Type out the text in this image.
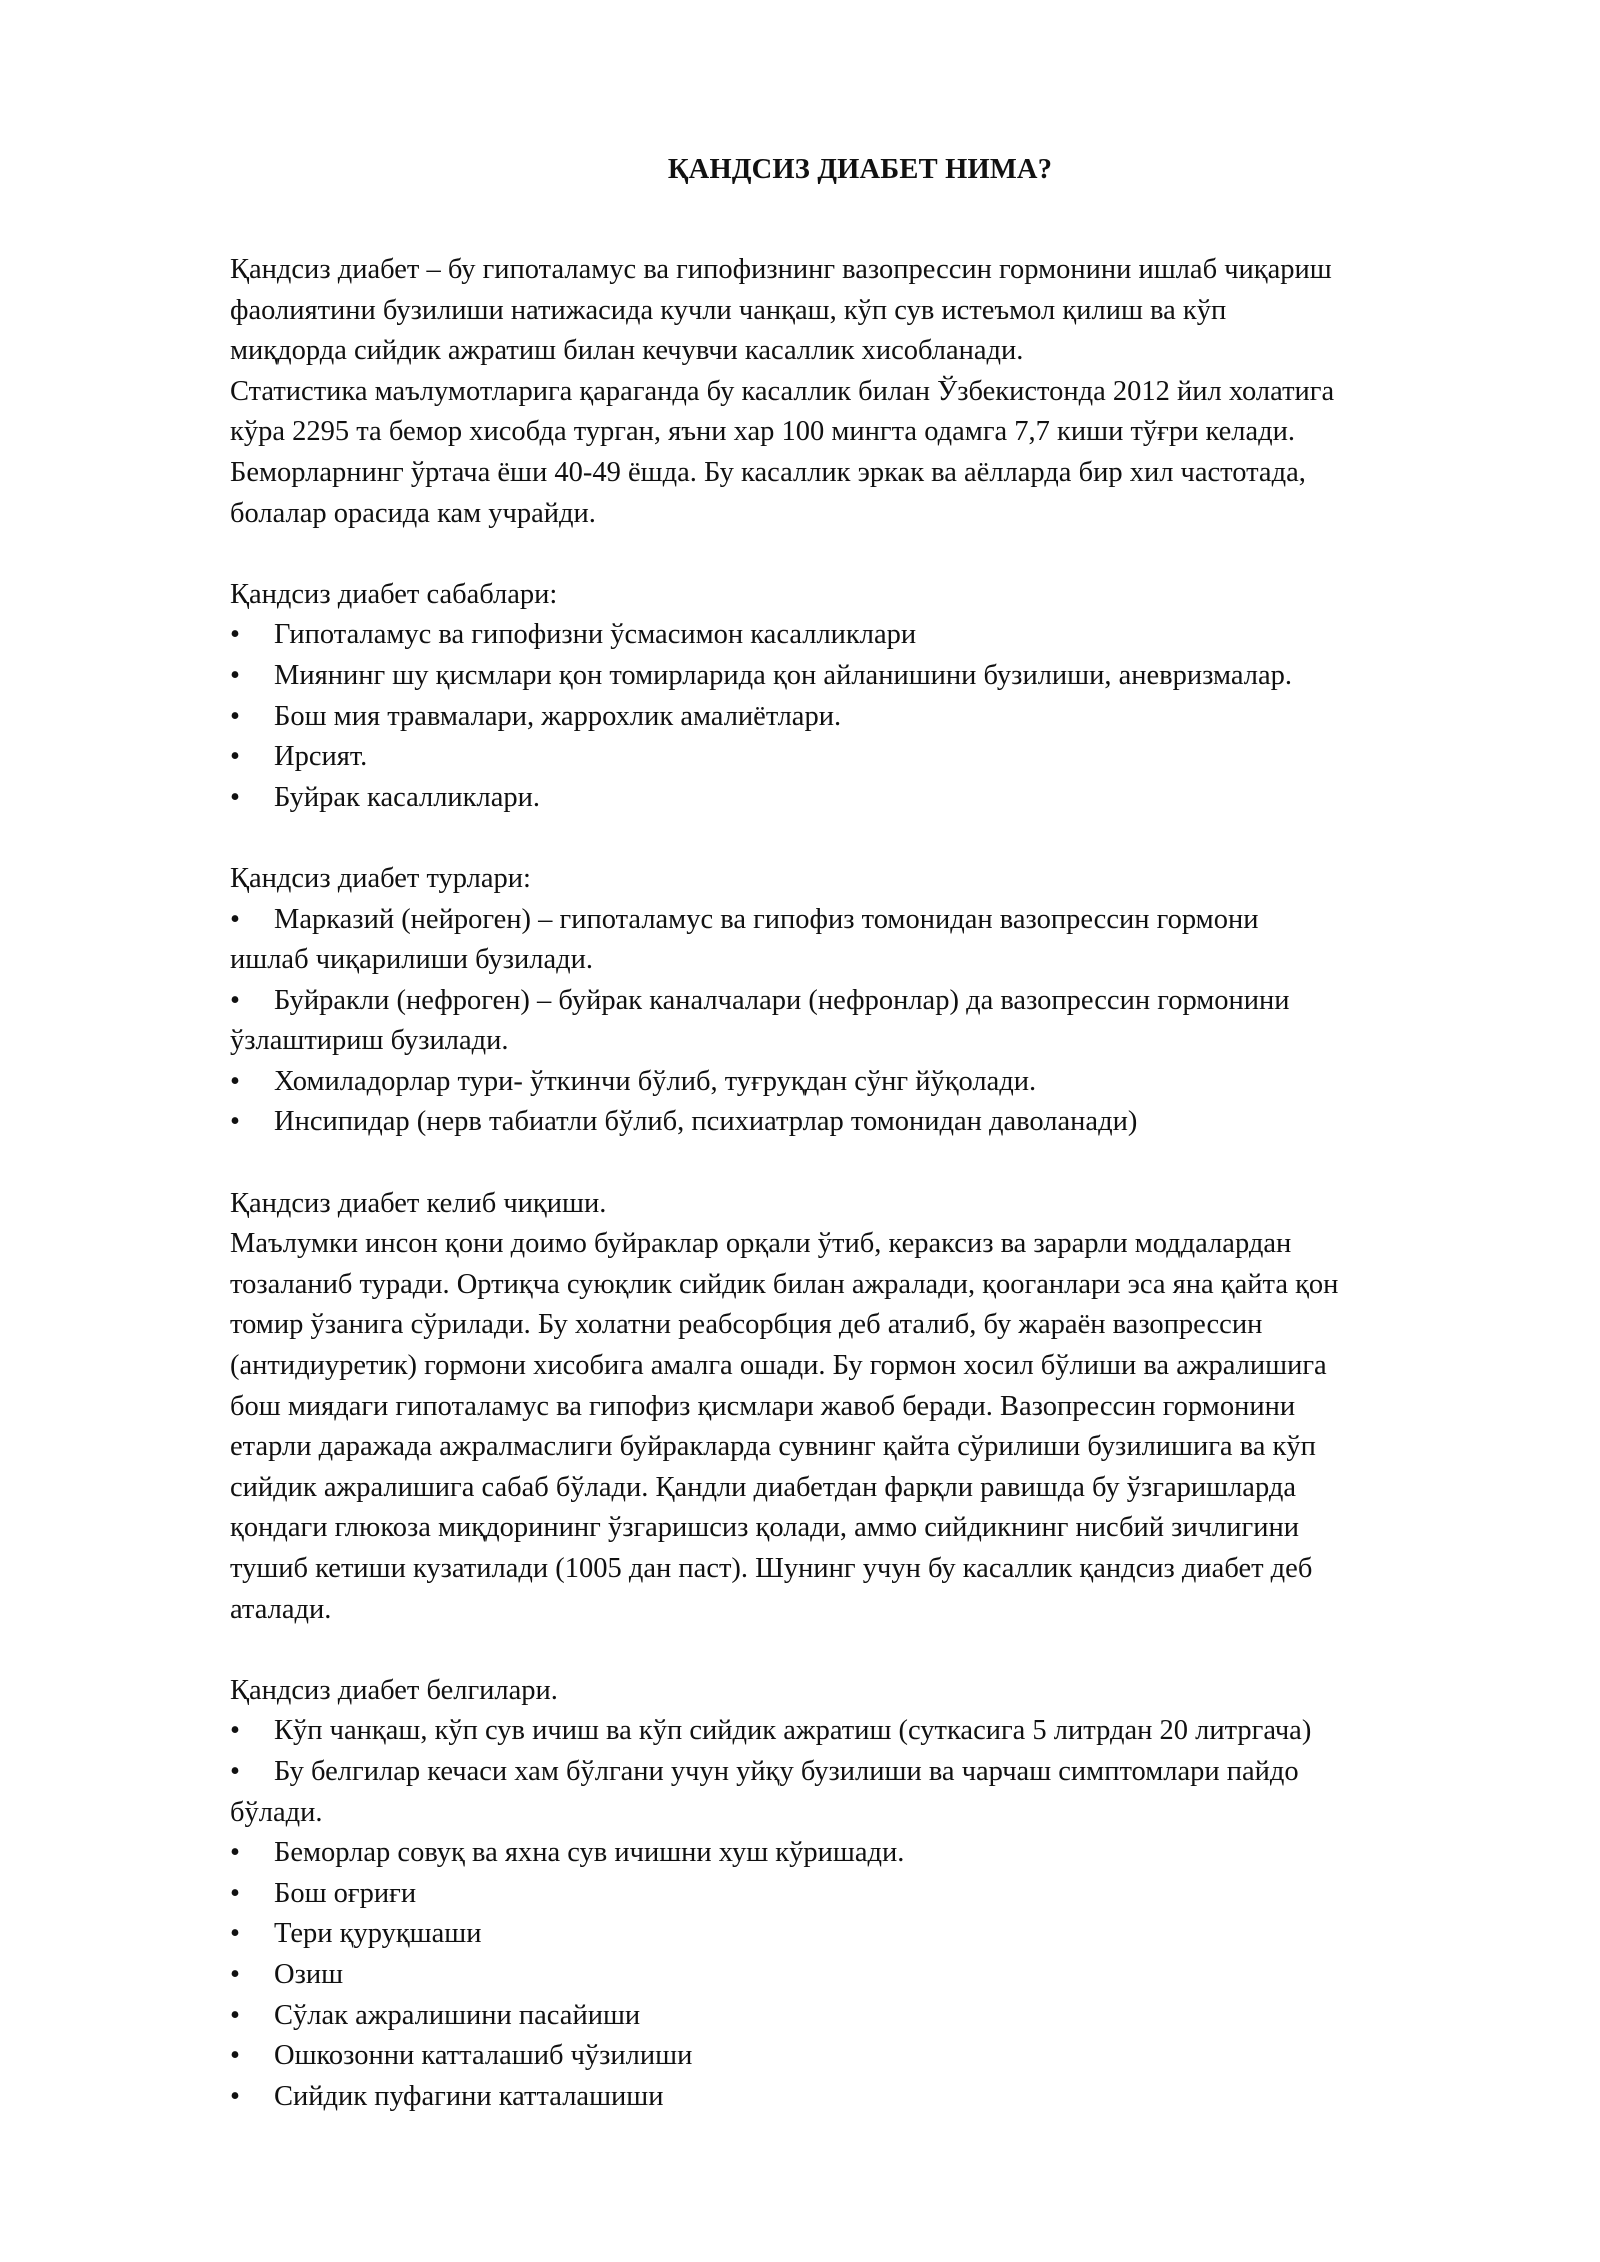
ҚАНДСИЗ ДИАБЕТ НИМА?
Қандсиз диабет – бу гипоталамус ва гипофизнинг вазопрессин гормонини ишлаб чиқариш
фаолиятини бузилиши натижасида кучли чанқаш, кўп сув истеъмол қилиш ва кўп
миқдорда сийдик ажратиш билан кечувчи касаллик хисобланади.
Статистика маълумотларига қараганда бу касаллик билан Ўзбекистонда 2012 йил холатига
кўра 2295 та бемор хисобда турган, яъни хар 100 мингта одамга 7,7 киши тўғри келади.
Беморларнинг ўртача ёши 40-49 ёшда. Бу касаллик эркак ва аёлларда бир хил частотада,
болалар орасида кам учрайди.
Қандсиз диабет сабаблари:
• Гипоталамус ва гипофизни ўсмасимон касалликлари
• Миянинг шу қисмлари қон томирларида қон айланишини бузилиши, аневризмалар.
• Бош мия травмалари, жаррохлик амалиётлари.
• Ирсият.
• Буйрак касалликлари.
Қандсиз диабет турлари:
• Марказий (нейроген) – гипоталамус ва гипофиз томонидан вазопрессин гормони
ишлаб чиқарилиши бузилади.
• Буйракли (нефроген) – буйрак каналчалари (нефронлар) да вазопрессин гормонини
ўзлаштириш бузилади.
• Хомиладорлар тури- ўткинчи бўлиб, туғруқдан сўнг йўқолади.
• Инсипидар (нерв табиатли бўлиб, психиатрлар томонидан даволанади)
Қандсиз диабет келиб чиқиши.
Маълумки инсон қони доимо буйраклар орқали ўтиб, кераксиз ва зарарли моддалардан
тозаланиб туради. Ортиқча суюқлик сийдик билан ажралади, қооганлари эса яна қайта қон
томир ўзанига сўрилади. Бу холатни реабсорбция деб аталиб, бу жараён вазопрессин
(антидиуретик) гормони хисобига амалга ошади. Бу гормон хосил бўлиши ва ажралишига
бош миядаги гипоталамус ва гипофиз қисмлари жавоб беради. Вазопрессин гормонини
етарли даражада ажралмаслиги буйракларда сувнинг қайта сўрилиши бузилишига ва кўп
сийдик ажралишига сабаб бўлади. Қандли диабетдан фарқли равишда бу ўзгаришларда
қондаги глюкоза миқдорининг ўзгаришсиз қолади, аммо сийдикнинг нисбий зичлигини
тушиб кетиши кузатилади (1005 дан паст). Шунинг учун бу касаллик қандсиз диабет деб
аталади.
Қандсиз диабет белгилари.
• Кўп чанқаш, кўп сув ичиш ва кўп сийдик ажратиш (суткасига 5 литрдан 20 литргача)
• Бу белгилар кечаси хам бўлгани учун уйқу бузилиши ва чарчаш симптомлари пайдо
бўлади.
• Беморлар совуқ ва яхна сув ичишни хуш кўришади.
• Бош оғриғи
• Тери қуруқшаши
• Озиш
• Сўлак ажралишини пасайиши
• Ошкозонни катталашиб чўзилиши
• Сийдик пуфагини катталашиши
